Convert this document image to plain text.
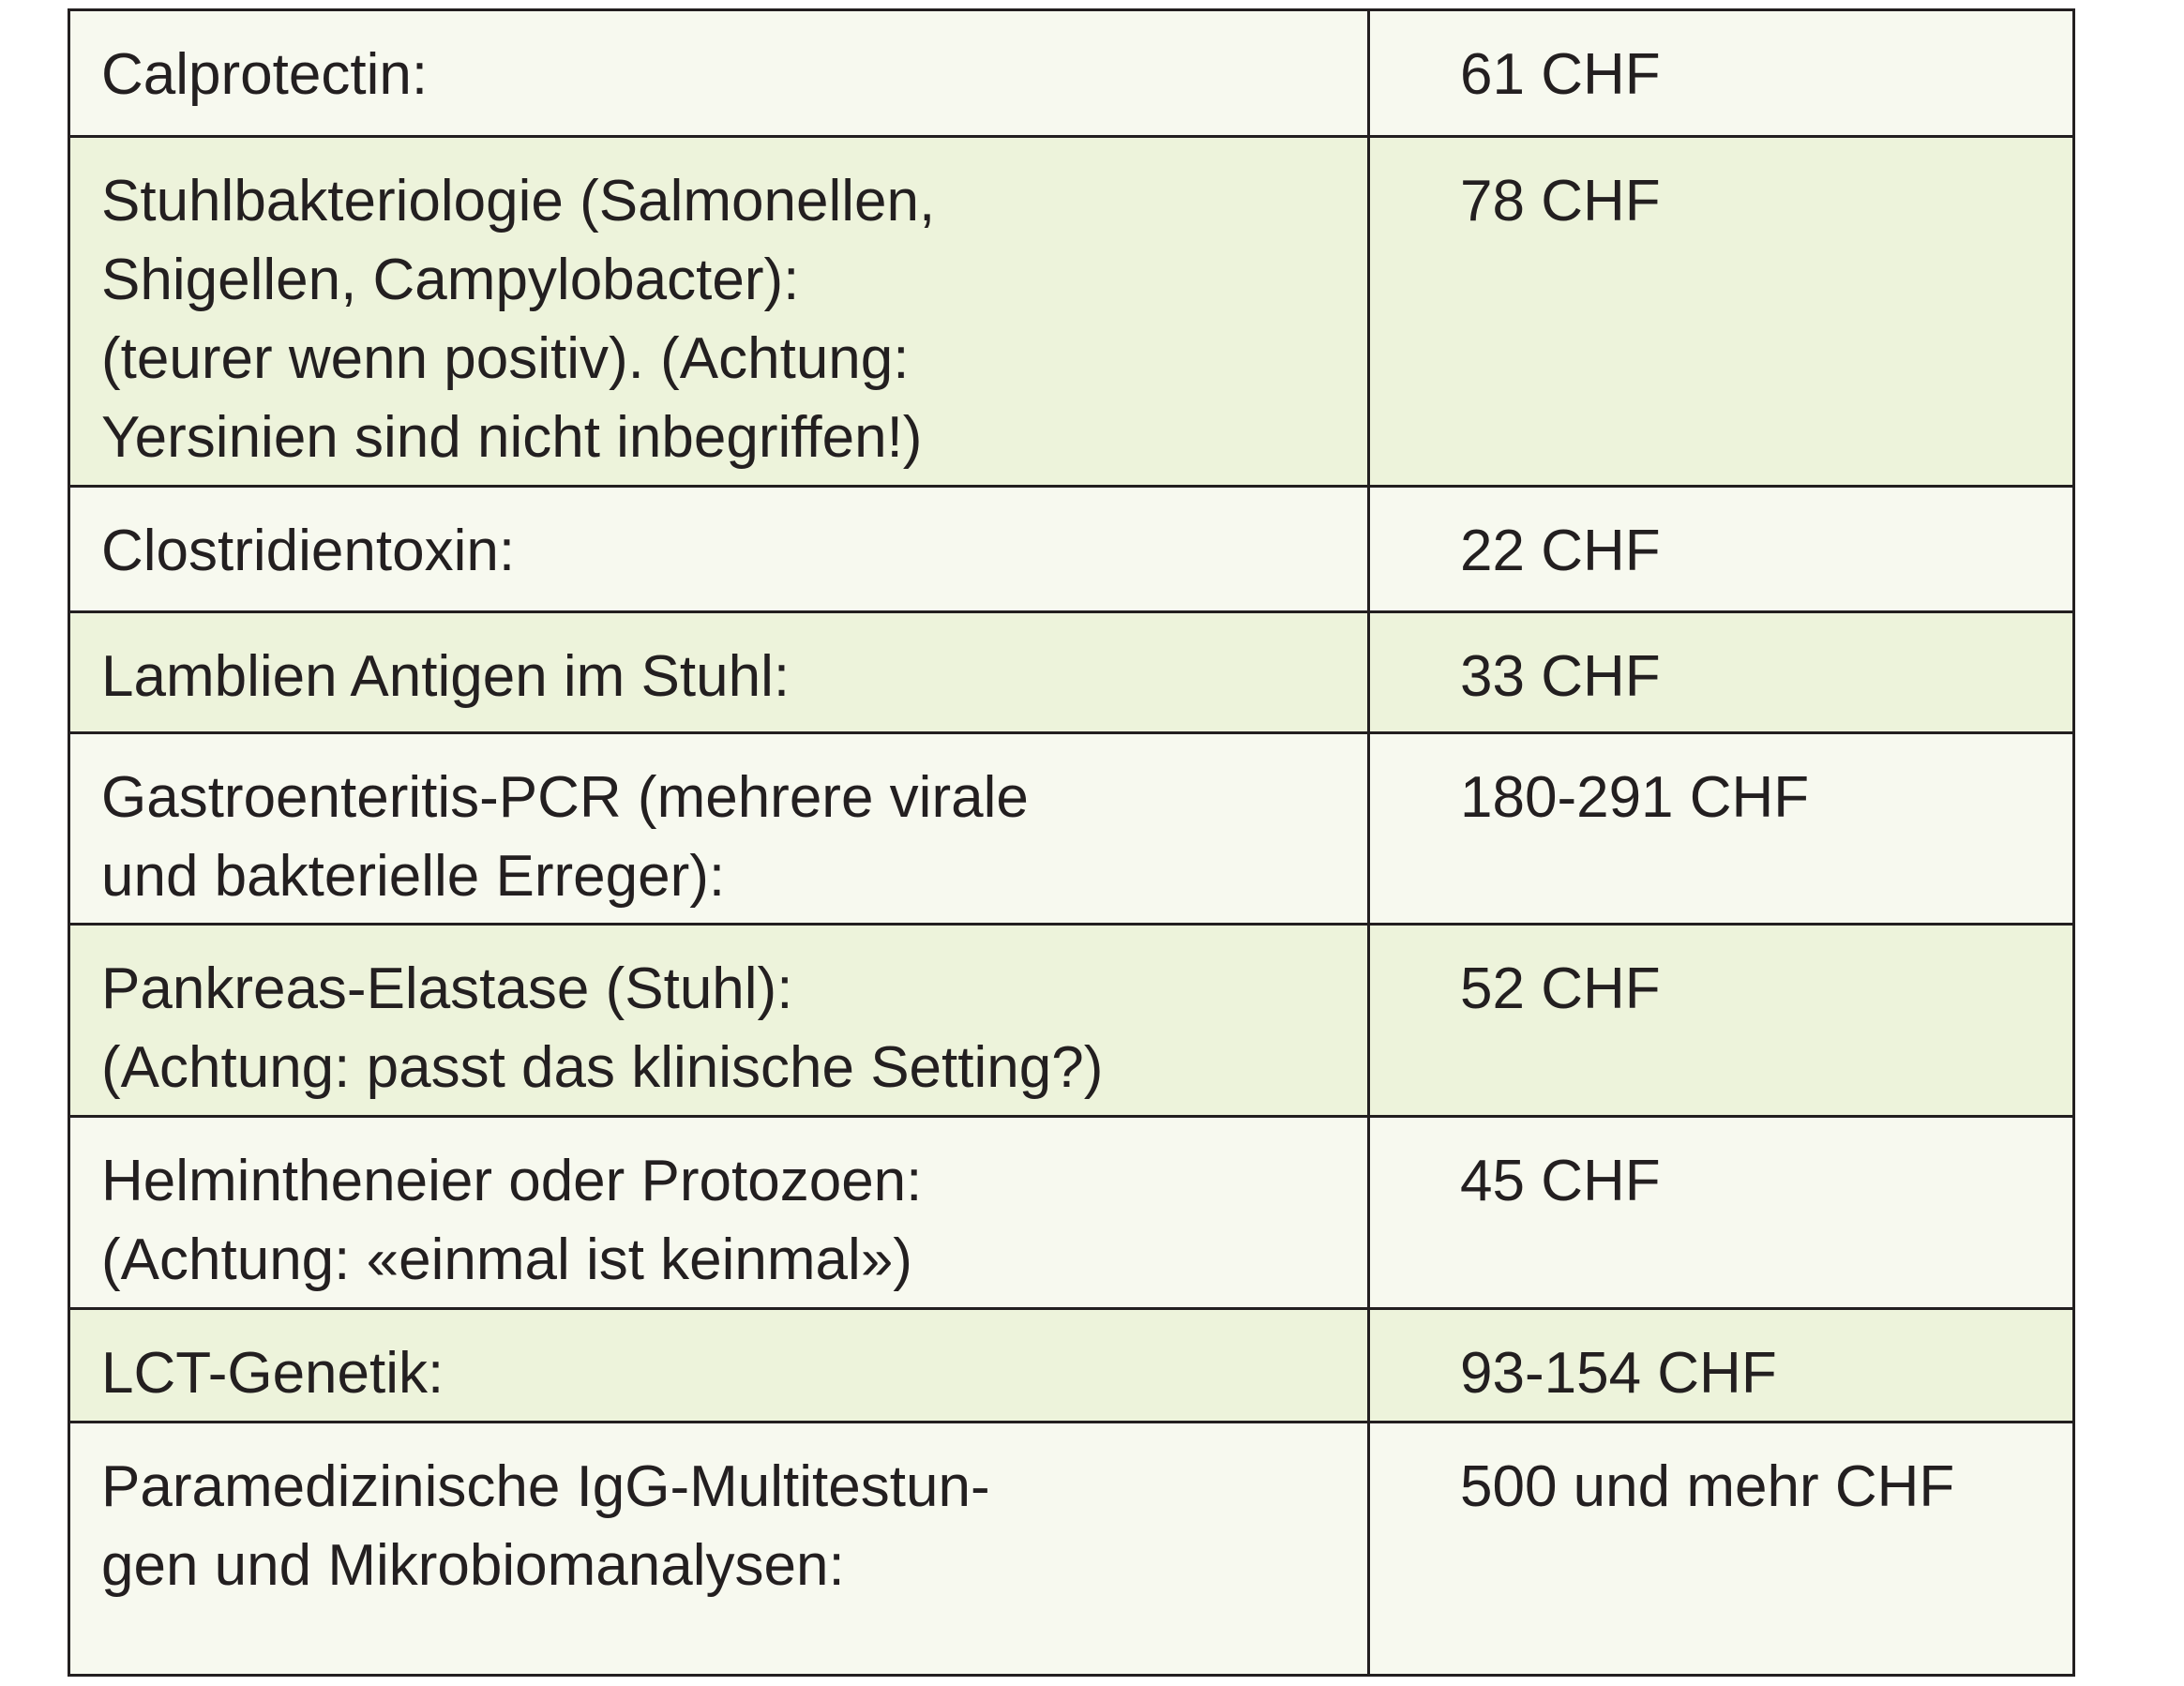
Calprotectin:	61 CHF

Stuhlbakteriologie (Salmonellen,
Shigellen, Campylobacter):
(teurer wenn positiv). (Achtung:
Yersinien sind nicht inbegriffen!)	78 CHF

Clostridientoxin:	22 CHF

Lamblien Antigen im Stuhl:	33 CHF

Gastroenteritis-PCR (mehrere virale
und bakterielle Erreger):	180-291 CHF

Pankreas-Elastase (Stuhl):
(Achtung: passt das klinische Setting?)	52 CHF

Helmintheneier oder Protozoen:
(Achtung: «einmal ist keinmal»)	45 CHF

LCT-Genetik:	93-154 CHF

Paramedizinische IgG-Multitestun-
gen und Mikrobiomanalysen:	500 und mehr CHF
